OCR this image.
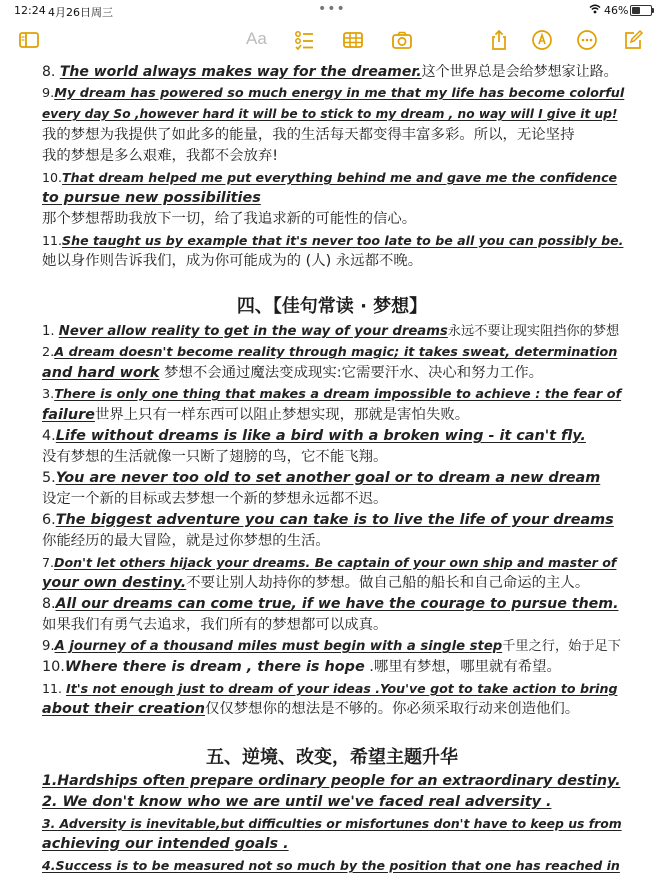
12:24 4月26日周三	•••	46%
Aa
8. The world always makes way for the dreamer.这个世界总是会给梦想家让路。
9.My dream has powered so much energy in me that my life has become colorful
every day So ,however hard it will be to stick to my dream , no way will I give it up!
我的梦想为我提供了如此多的能量，我的生活每天都变得丰富多彩。所以，无论坚持
我的梦想是多么艰难，我都不会放弃!
10.That dream helped me put everything behind me and gave me the confidence
to pursue new possibilities
那个梦想帮助我放下一切，给了我追求新的可能性的信心。
11.She taught us by example that it's never too late to be all you can possibly be.
她以身作则告诉我们，成为你可能成为的 (人) 永远都不晚。
四、【佳句常读 · 梦想】
1. Never allow reality to get in the way of your dreams永远不要让现实阻挡你的梦想
2.A dream doesn't become reality through magic; it takes sweat, determination
and hard work 梦想不会通过魔法变成现实:它需要汗水、决心和努力工作。
3.There is only one thing that makes a dream impossible to achieve : the fear of
failure世界上只有一样东西可以阻止梦想实现，那就是害怕失败。
4.Life without dreams is like a bird with a broken wing - it can't fly.
没有梦想的生活就像一只断了翅膀的鸟，它不能飞翔。
5.You are never too old to set another goal or to dream a new dream
设定一个新的目标或去梦想一个新的梦想永远都不迟。
6.The biggest adventure you can take is to live the life of your dreams
你能经历的最大冒险，就是过你梦想的生活。
7.Don't let others hijack your dreams. Be captain of your own ship and master of
your own destiny.不要让别人劫持你的梦想。做自己船的船长和自己命运的主人。
8.All our dreams can come true, if we have the courage to pursue them.
如果我们有勇气去追求，我们所有的梦想都可以成真。
9.A journey of a thousand miles must begin with a single step千里之行，始于足下
10.Where there is dream , there is hope .哪里有梦想，哪里就有希望。
11. It's not enough just to dream of your ideas .You've got to take action to bring
about their creation仅仅梦想你的想法是不够的。你必须采取行动来创造他们。
五、逆境、改变，希望主题升华
1.Hardships often prepare ordinary people for an extraordinary destiny.
2. We don't know who we are until we've faced real adversity .
3. Adversity is inevitable,but difficulties or misfortunes don't have to keep us from
achieving our intended goals .
4.Success is to be measured not so much by the position that one has reached in
